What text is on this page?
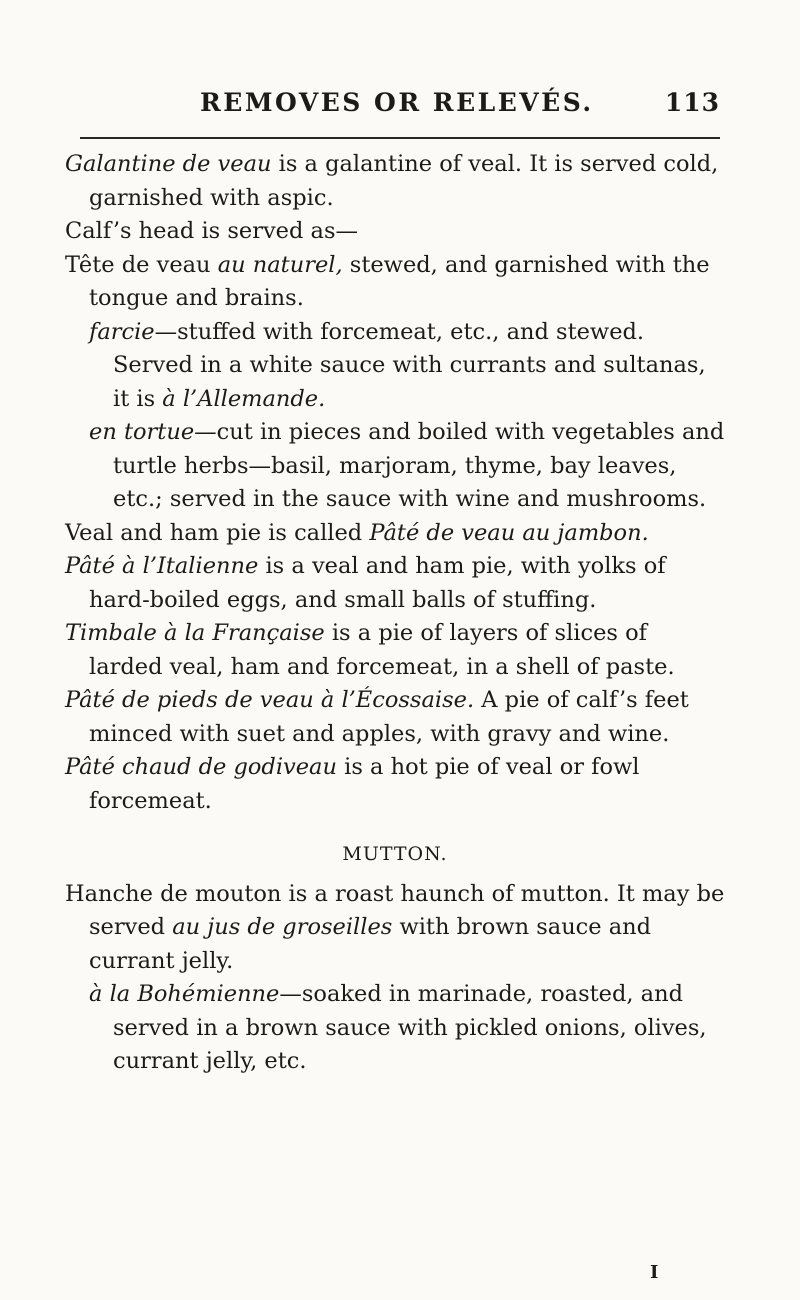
REMOVES OR RELEVÉS.	113

Galantine de veau is a galantine of veal. It is served cold, garnished with aspic.

Calf’s head is served as—

Tête de veau au naturel, stewed, and garnished with the tongue and brains.

farcie—stuffed with forcemeat, etc., and stewed. Served in a white sauce with currants and sultanas, it is à l’Allemande.

en tortue—cut in pieces and boiled with vegetables and turtle herbs—basil, marjoram, thyme, bay leaves, etc.; served in the sauce with wine and mushrooms.

Veal and ham pie is called Pâté de veau au jambon.

Pâté à l’Italienne is a veal and ham pie, with yolks of hard-boiled eggs, and small balls of stuffing.

Timbale à la Française is a pie of layers of slices of larded veal, ham and forcemeat, in a shell of paste.

Pâté de pieds de veau à l’Écossaise. A pie of calf’s feet minced with suet and apples, with gravy and wine.

Pâté chaud de godiveau is a hot pie of veal or fowl forcemeat.

MUTTON.

Hanche de mouton is a roast haunch of mutton. It may be served au jus de groseilles with brown sauce and currant jelly.

à la Bohémienne—soaked in marinade, roasted, and served in a brown sauce with pickled onions, olives, currant jelly, etc.

I
